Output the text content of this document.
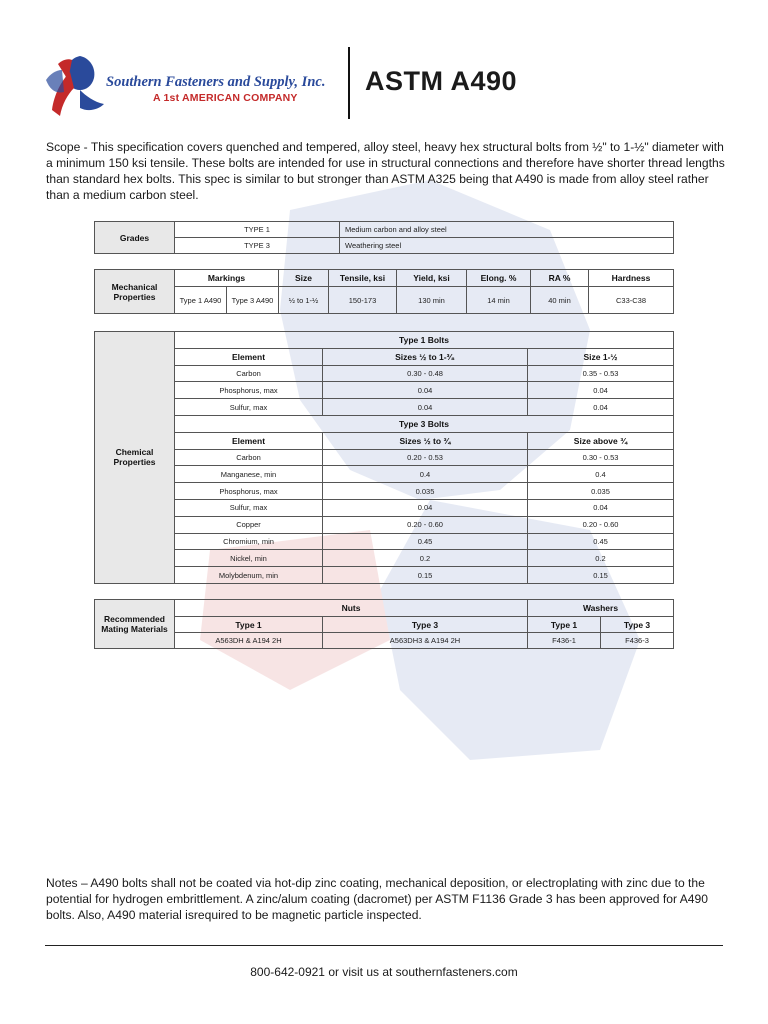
Southern Fasteners and Supply, Inc.
A 1st AMERICAN COMPANY
ASTM A490
Scope - This specification covers quenched and tempered, alloy steel, heavy hex structural bolts from ½" to 1-½" diameter with a minimum 150 ksi tensile. These bolts are intended for use in structural connections and therefore have shorter thread lengths than standard hex bolts. This spec is similar to but stronger than ASTM A325 being that A490 is made from alloy steel rather than a medium carbon steel.
Grades	TYPE 1	Medium carbon and alloy steel
	TYPE 3	Weathering steel
Mechanical Properties	Markings		Size	Tensile, ksi	Yield, ksi	Elong. %	RA %	Hardness
	Type 1 A490	Type 3 A490	½ to 1-½	150-173	130 min	14 min	40 min	C33-C38
Chemical Properties	Type 1 Bolts		
	Element	Sizes ½ to 1-³⁄₈	Size 1-½
	Carbon	0.30 - 0.48	0.35 - 0.53
	Phosphorus, max	0.04	0.04
	Sulfur, max	0.04	0.04
	Type 3 Bolts		
	Element	Sizes ½ to ¾	Size above ¾
	Carbon	0.20 - 0.53	0.30 - 0.53
	Manganese, min	0.4	0.4
	Phosphorus, max	0.035	0.035
	Sulfur, max	0.04	0.04
	Copper	0.20 - 0.60	0.20 - 0.60
	Chromium, min	0.45	0.45
	Nickel, min	0.2	0.2
	Molybdenum, min	0.15	0.15
Recommended Mating Materials	Nuts		Washers	
	Type 1	Type 3	Type 1	Type 3
	A563DH & A194 2H	A563DH3 & A194 2H	F436-1	F436-3
Notes – A490 bolts shall not be coated via hot-dip zinc coating, mechanical deposition, or electroplating with zinc due to the potential for hydrogen embrittlement. A zinc/alum coating (dacromet) per ASTM F1136 Grade 3 has been approved for A490 bolts. Also, A490 material isrequired to be magnetic particle inspected.
800-642-0921 or visit us at southernfasteners.com
